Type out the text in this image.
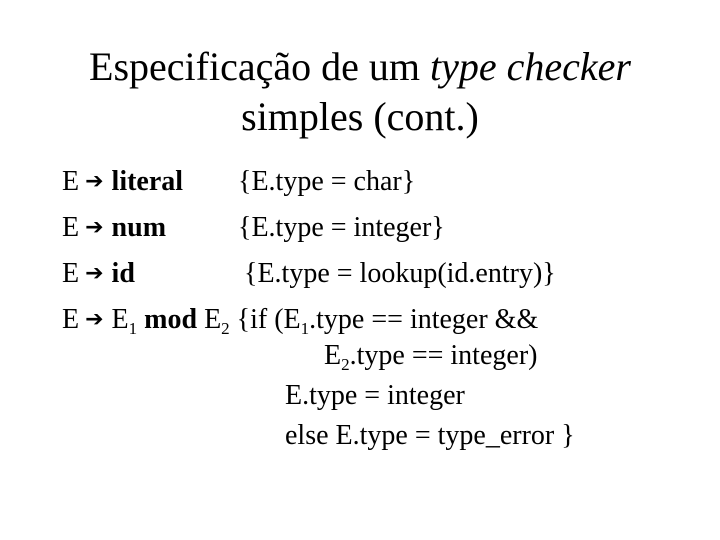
Especificação de um type checker
simples (cont.)
E ➔ literal {E.type = char}
E ➔ num	{E.type = integer}
E ➔ id	{E.type = lookup(id.entry)}
E ➔ $E_1$ mod $E_2$ {if ($E_1.type$ == integer &&
$E_2.type$ == integer)
E.type = integer
else E.type = type_error }
